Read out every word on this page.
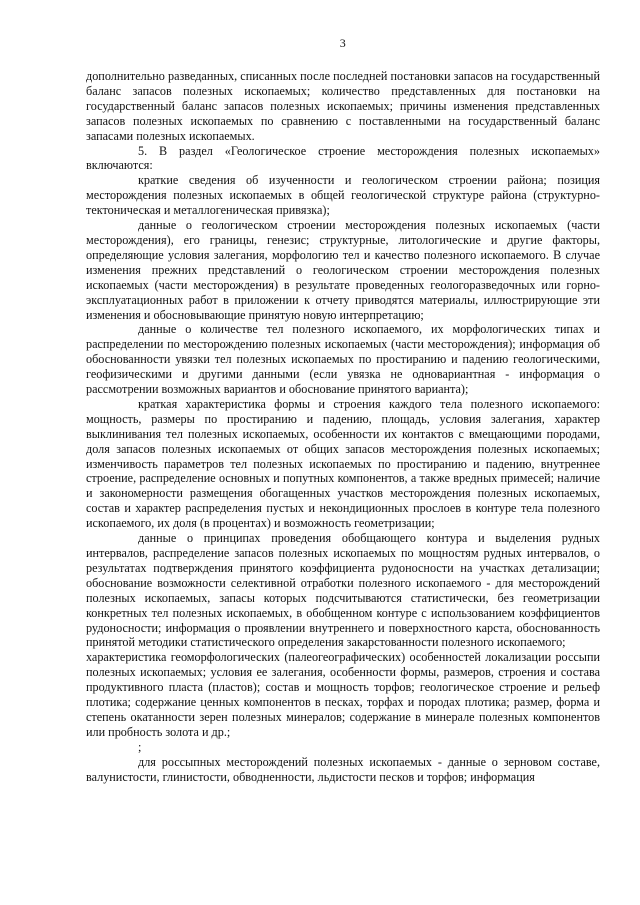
3

дополнительно разведанных, списанных после последней постановки запасов на государственный баланс запасов полезных ископаемых; количество представленных для постановки на государственный баланс запасов полезных ископаемых; причины изменения представленных запасов полезных ископаемых по сравнению с поставленными на государственный баланс запасами полезных ископаемых.

5. В раздел «Геологическое строение месторождения полезных ископаемых» включаются:

краткие сведения об изученности и геологическом строении района; позиция месторождения полезных ископаемых в общей геологической структуре района (структурно-тектоническая и металлогеническая привязка);

данные о геологическом строении месторождения полезных ископаемых (части месторождения), его границы, генезис; структурные, литологические и другие факторы, определяющие условия залегания, морфологию тел и качество полезного ископаемого. В случае изменения прежних представлений о геологическом строении месторождения полезных ископаемых (части месторождения) в результате проведенных геологоразведочных или горно-эксплуатационных работ в приложении к отчету приводятся материалы, иллюстрирующие эти изменения и обосновывающие принятую новую интерпретацию;

данные о количестве тел полезного ископаемого, их морфологических типах и распределении по месторождению полезных ископаемых (части месторождения); информация об обоснованности увязки тел полезных ископаемых по простиранию и падению геологическими, геофизическими и другими данными (если увязка не одновариантная - информация о рассмотрении возможных вариантов и обоснование принятого варианта);

краткая характеристика формы и строения каждого тела полезного ископаемого: мощность, размеры по простиранию и падению, площадь, условия залегания, характер выклинивания тел полезных ископаемых, особенности их контактов с вмещающими породами, доля запасов полезных ископаемых от общих запасов месторождения полезных ископаемых; изменчивость параметров тел полезных ископаемых по простиранию и падению, внутреннее строение, распределение основных и попутных компонентов, а также вредных примесей; наличие и закономерности размещения обогащенных участков месторождения полезных ископаемых, состав и характер распределения пустых и некондиционных прослоев в контуре тела полезного ископаемого, их доля (в процентах) и возможность геометризации;

данные о принципах проведения обобщающего контура и выделения рудных интервалов, распределение запасов полезных ископаемых по мощностям рудных интервалов, о результатах подтверждения принятого коэффициента рудоносности на участках детализации; обоснование возможности селективной отработки полезного ископаемого - для месторождений полезных ископаемых, запасы которых подсчитываются статистически, без геометризации конкретных тел полезных ископаемых, в обобщенном контуре с использованием коэффициентов рудоносности; информация о проявлении внутреннего и поверхностного карста, обоснованность принятой методики статистического определения закарстованности полезного ископаемого;

характеристика геоморфологических (палеогеографических) особенностей локализации россыпи полезных ископаемых; условия ее залегания, особенности формы, размеров, строения и состава продуктивного пласта (пластов); состав и мощность торфов; геологическое строение и рельеф плотика; содержание ценных компонентов в песках, торфах и породах плотика; размер, форма и степень окатанности зерен полезных минералов; содержание в минерале полезных компонентов или пробность золота и др.;

;

для россыпных месторождений полезных ископаемых - данные о зерновом составе, валунистости, глинистости, обводненности, льдистости песков и торфов; информация
